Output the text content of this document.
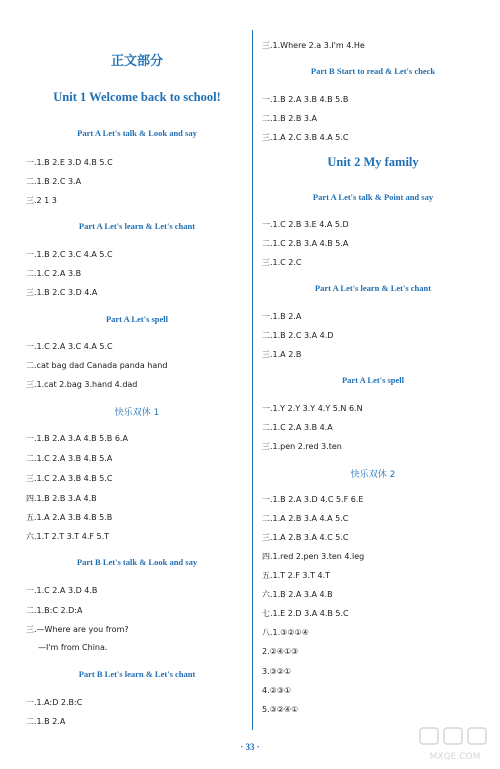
正文部分
Unit 1 Welcome back to school!
Part A Let's talk & Look and say
一.1.B 2.E 3.D 4.B 5.C
二.1.B 2.C 3.A
三.2 1 3
Part A Let's learn & Let's chant
一.1.B 2.C 3.C 4.A 5.C
二.1.C 2.A 3.B
三.1.B 2.C 3.D 4.A
Part A Let's spell
一.1.C 2.A 3.C 4.A 5.C
二.cat bag dad Canada panda hand
三.1.cat 2.bag 3.hand 4.dad
快乐双休 1
一.1.B 2.A 3.A 4.B 5.B 6.A
二.1.C 2.A 3.B 4.B 5.A
三.1.C 2.A 3.B 4.B 5.C
四.1.B 2.B 3.A 4.B
五.1.A 2.A 3.B 4.B 5.B
六.1.T 2.T 3.T 4.F 5.T
Part B Let's talk & Look and say
一.1.C 2.A 3.D 4.B
二.1.B:C 2.D:A
三.—Where are you from?
—I'm from China.
Part B Let's learn & Let's chant
一.1.A:D 2.B:C
二.1.B 2.A
三.1.Where 2.a 3.I'm 4.He
Part B Start to read & Let's check
一.1.B 2.A 3.B 4.B 5.B
二.1.B 2.B 3.A
三.1.A 2.C 3.B 4.A 5.C
Unit 2 My family
Part A Let's talk & Point and say
一.1.C 2.B 3.E 4.A 5.D
二.1.C 2.B 3.A 4.B 5.A
三.1.C 2.C
Part A Let's learn & Let's chant
一.1.B 2.A
二.1.B 2.C 3.A 4.D
三.1.A 2.B
Part A Let's spell
一.1.Y 2.Y 3.Y 4.Y 5.N 6.N
二.1.C 2.A 3.B 4.A
三.1.pen 2.red 3.ten
快乐双休 2
一.1.B 2.A 3.D 4.C 5.F 6.E
二.1.A 2.B 3.A 4.A 5.C
三.1.A 2.B 3.A 4.C 5.C
四.1.red 2.pen 3.ten 4.leg
五.1.T 2.F 3.T 4.T
六.1.B 2.A 3.A 4.B
七.1.E 2.D 3.A 4.B 5.C
八.1.③②①④
2.②④①③
3.③②①
4.②③①
5.③②④①
· 33 ·
MXQE.COM
